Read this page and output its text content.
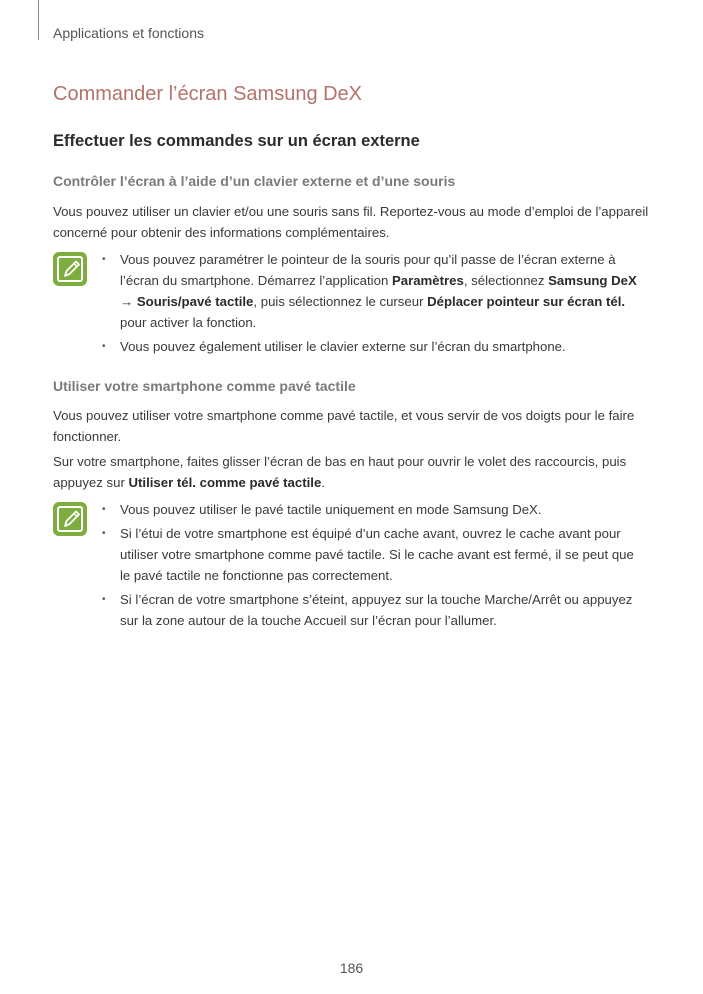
Applications et fonctions
Commander l’écran Samsung DeX
Effectuer les commandes sur un écran externe
Contrôler l’écran à l’aide d’un clavier externe et d’une souris
Vous pouvez utiliser un clavier et/ou une souris sans fil. Reportez-vous au mode d’emploi de l’appareil concerné pour obtenir des informations complémentaires.
• Vous pouvez paramétrer le pointeur de la souris pour qu’il passe de l’écran externe à l’écran du smartphone. Démarrez l’application Paramètres, sélectionnez Samsung DeX
→ Souris/pavé tactile, puis sélectionnez le curseur Déplacer pointeur sur écran tél. pour activer la fonction.
• Vous pouvez également utiliser le clavier externe sur l’écran du smartphone.
Utiliser votre smartphone comme pavé tactile
Vous pouvez utiliser votre smartphone comme pavé tactile, et vous servir de vos doigts pour le faire fonctionner.
Sur votre smartphone, faites glisser l’écran de bas en haut pour ouvrir le volet des raccourcis, puis appuyez sur Utiliser tél. comme pavé tactile.
• Vous pouvez utiliser le pavé tactile uniquement en mode Samsung DeX.
• Si l’étui de votre smartphone est équipé d’un cache avant, ouvrez le cache avant pour utiliser votre smartphone comme pavé tactile. Si le cache avant est fermé, il se peut que le pavé tactile ne fonctionne pas correctement.
• Si l’écran de votre smartphone s’éteint, appuyez sur la touche Marche/Arrêt ou appuyez sur la zone autour de la touche Accueil sur l’écran pour l’allumer.
186
